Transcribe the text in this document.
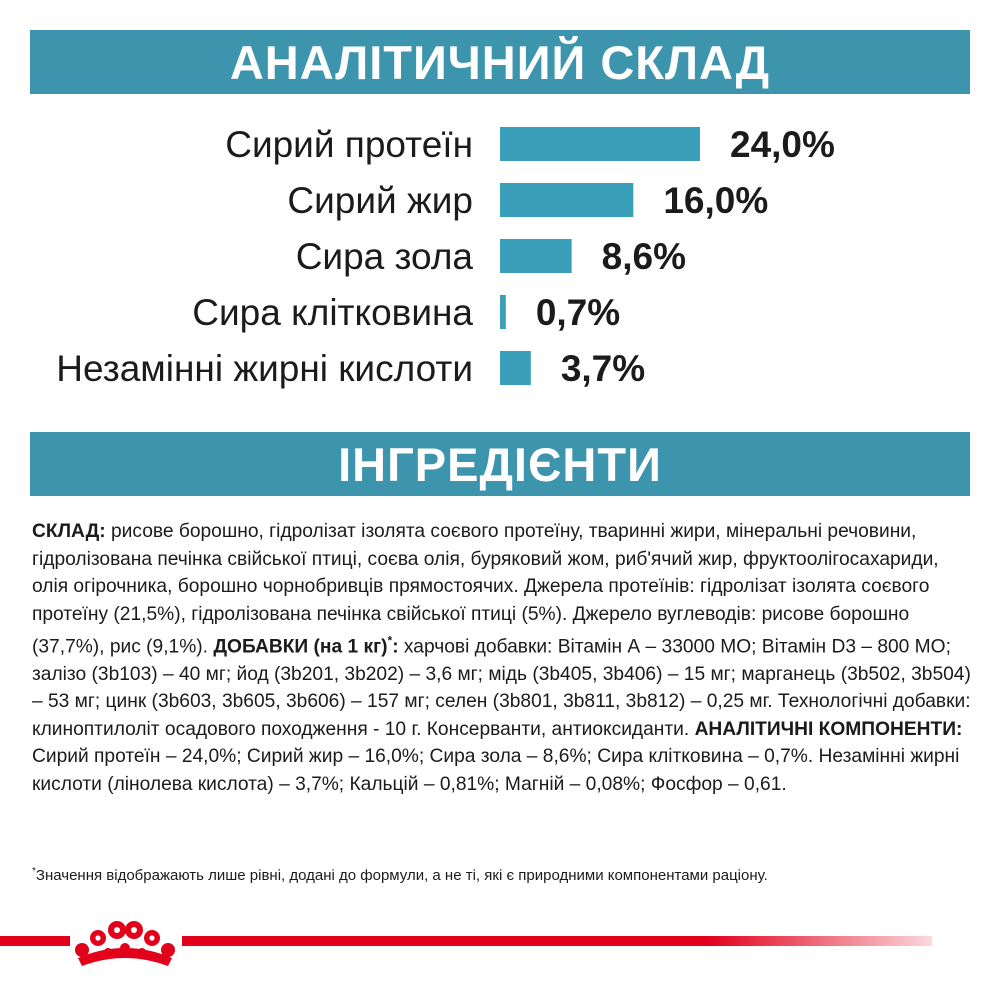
АНАЛІТИЧНИЙ СКЛАД
Сирий протеїн	24,0%
Сирий жир	16,0%
Сира зола	8,6%
Сира клітковина 0,7%
Незамінні жирні кислоти 3,7%
ІНГРЕДІЄНТИ
СКЛАД: рисове борошно, гідролізат ізолята соєвого протеїну, тваринні жири, мінеральні речовини, гідролізована печінка свійської птиці, соєва олія, буряковий жом, риб'ячий жир, фруктоолігосахариди, олія огірочника, борошно чорнобривців прямостоячих. Джерела протеїнів: гідролізат ізолята соєвого протеїну (21,5%), гідролізована печінка свійської птиці (5%). Джерело вуглеводів: рисове борошно (37,7%), рис (9,1%). ДОБАВКИ (на 1 кг)*: харчові добавки: Вітамін А – 33000 МО; Вітамін D3 – 800 МО; залізо (3b103) – 40 мг; йод (3b201, 3b202) – 3,6 мг; мідь (3b405, 3b406) – 15 мг; марганець (3b502, 3b504) – 53 мг; цинк (3b603, 3b605, 3b606) – 157 мг; селен (3b801, 3b811, 3b812) – 0,25 мг. Технологічні добавки: клиноптилоліт осадового походження - 10 г. Консерванти, антиоксиданти. АНАЛІТИЧНІ КОМПОНЕНТИ: Сирий протеїн – 24,0%; Сирий жир – 16,0%; Сира зола – 8,6%; Сира клітковина – 0,7%. Незамінні жирні кислоти (лінолева кислота) – 3,7%; Кальцій – 0,81%; Магній – 0,08%; Фосфор – 0,61.
*Значення відображають лише рівні, додані до формули, а не ті, які є природними компонентами раціону.
